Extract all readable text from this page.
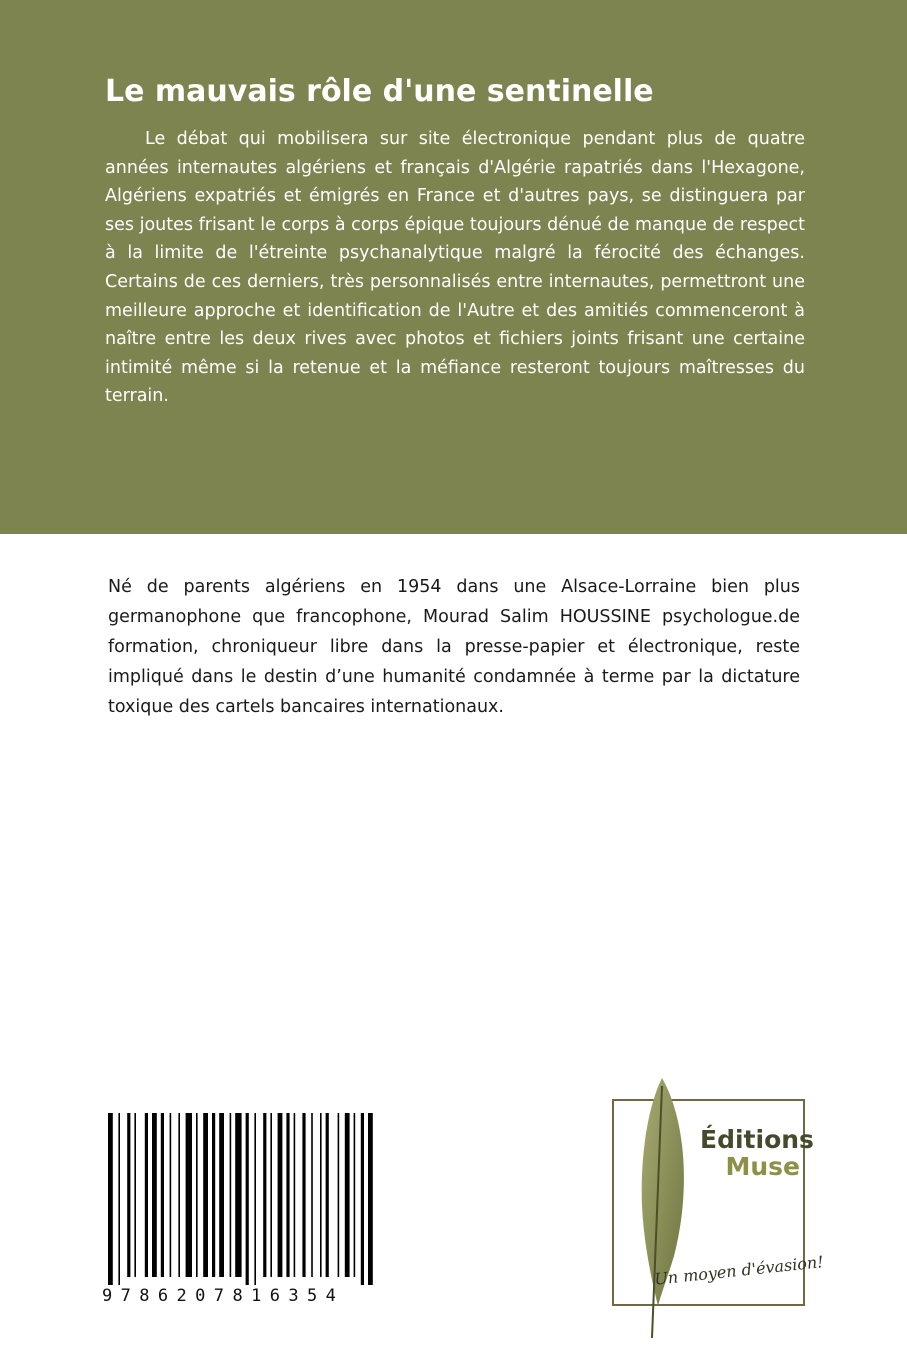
Le mauvais rôle d'une sentinelle

Le débat qui mobilisera sur site électronique pendant plus de quatre années internautes algériens et français d'Algérie rapatriés dans l'Hexagone, Algériens expatriés et émigrés en France et d'autres pays, se distinguera par ses joutes frisant le corps à corps épique toujours dénué de manque de respect à la limite de l'étreinte psychanalytique malgré la férocité des échanges. Certains de ces derniers, très personnalisés entre internautes, permettront une meilleure approche et identification de l'Autre et des amitiés commenceront à naître entre les deux rives avec photos et fichiers joints frisant une certaine intimité même si la retenue et la méfiance resteront toujours maîtresses du terrain.

Né de parents algériens en 1954 dans une Alsace-Lorraine bien plus germanophone que francophone, Mourad Salim HOUSSINE psychologue.de formation, chroniqueur libre dans la presse-papier et électronique, reste impliqué dans le destin d’une humanité condamnée à terme par la dictature toxique des cartels bancaires internationaux.

9786207816354
Éditions
Muse
Un moyen d'évasion!
